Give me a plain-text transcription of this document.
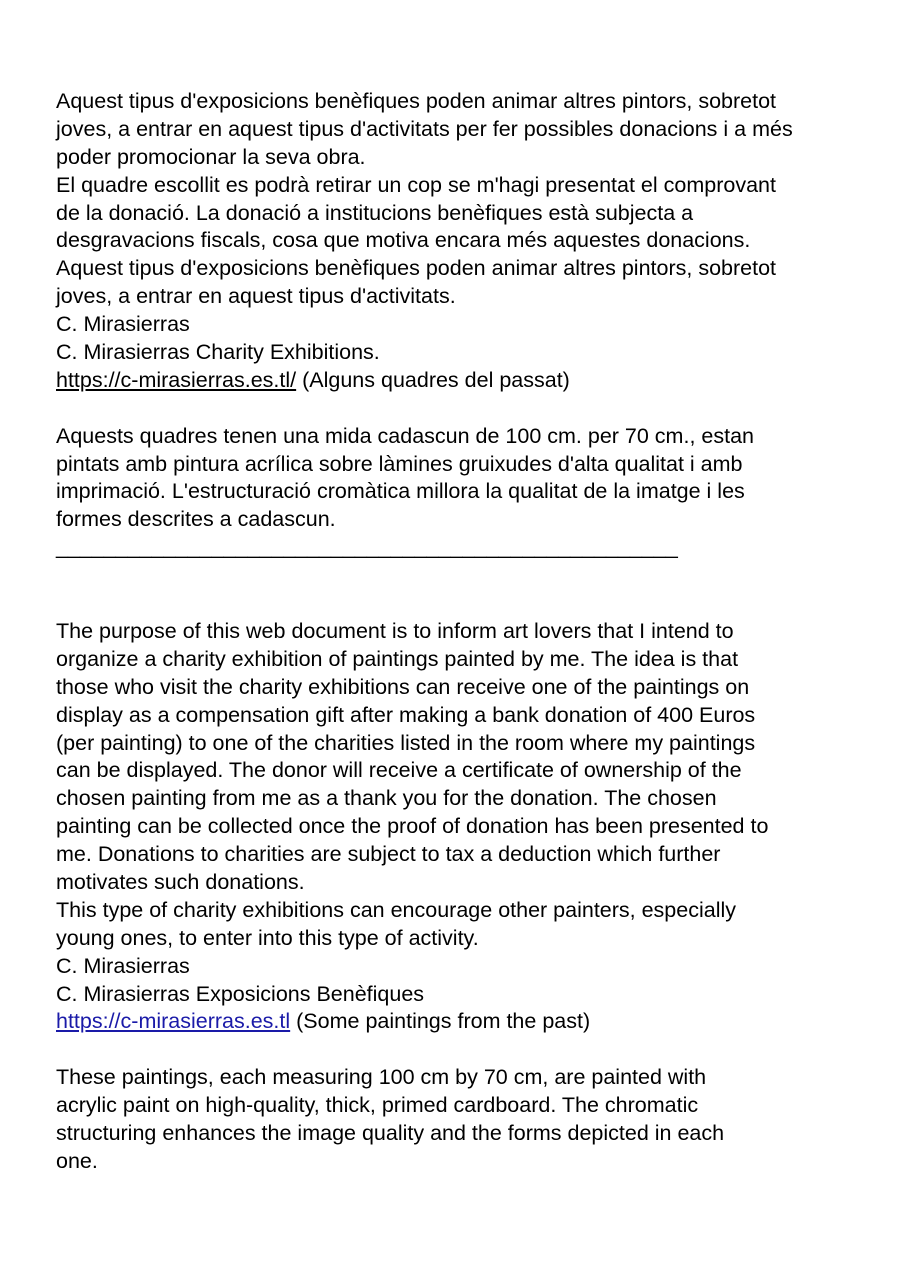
Aquest tipus d'exposicions benèfiques poden animar altres pintors, sobretot
joves, a entrar en aquest tipus d'activitats per fer possibles donacions i a més
poder promocionar la seva obra.
El quadre escollit es podrà retirar un cop se m'hagi presentat el comprovant
de la donació. La donació a institucions benèfiques està subjecta a
desgravacions fiscals, cosa que motiva encara més aquestes donacions.
Aquest tipus d'exposicions benèfiques poden animar altres pintors, sobretot
joves, a entrar en aquest tipus d'activitats.
C. Mirasierras
C. Mirasierras Charity Exhibitions.
https://c-mirasierras.es.tl/ (Alguns quadres del passat)
Aquests quadres tenen una mida cadascun de 100 cm. per 70 cm., estan
pintats amb pintura acrílica sobre làmines gruixudes d'alta qualitat i amb
imprimació. L'estructuració cromàtica millora la qualitat de la imatge i les
formes descrites a cadascun.
____________________________________________________
The purpose of this web document is to inform art lovers that I intend to
organize a charity exhibition of paintings painted by me. The idea is that
those who visit the charity exhibitions can receive one of the paintings on
display as a compensation gift after making a bank donation of 400 Euros
(per painting) to one of the charities listed in the room where my paintings
can be displayed. The donor will receive a certificate of ownership of the
chosen painting from me as a thank you for the donation. The chosen
painting can be collected once the proof of donation has been presented to
me. Donations to charities are subject to tax a deduction which further
motivates such donations.
This type of charity exhibitions can encourage other painters, especially
young ones, to enter into this type of activity.
C. Mirasierras
C. Mirasierras Exposicions Benèfiques
https://c-mirasierras.es.tl (Some paintings from the past)
These paintings, each measuring 100 cm by 70 cm, are painted with
acrylic paint on high-quality, thick, primed cardboard. The chromatic
structuring enhances the image quality and the forms depicted in each
one.
